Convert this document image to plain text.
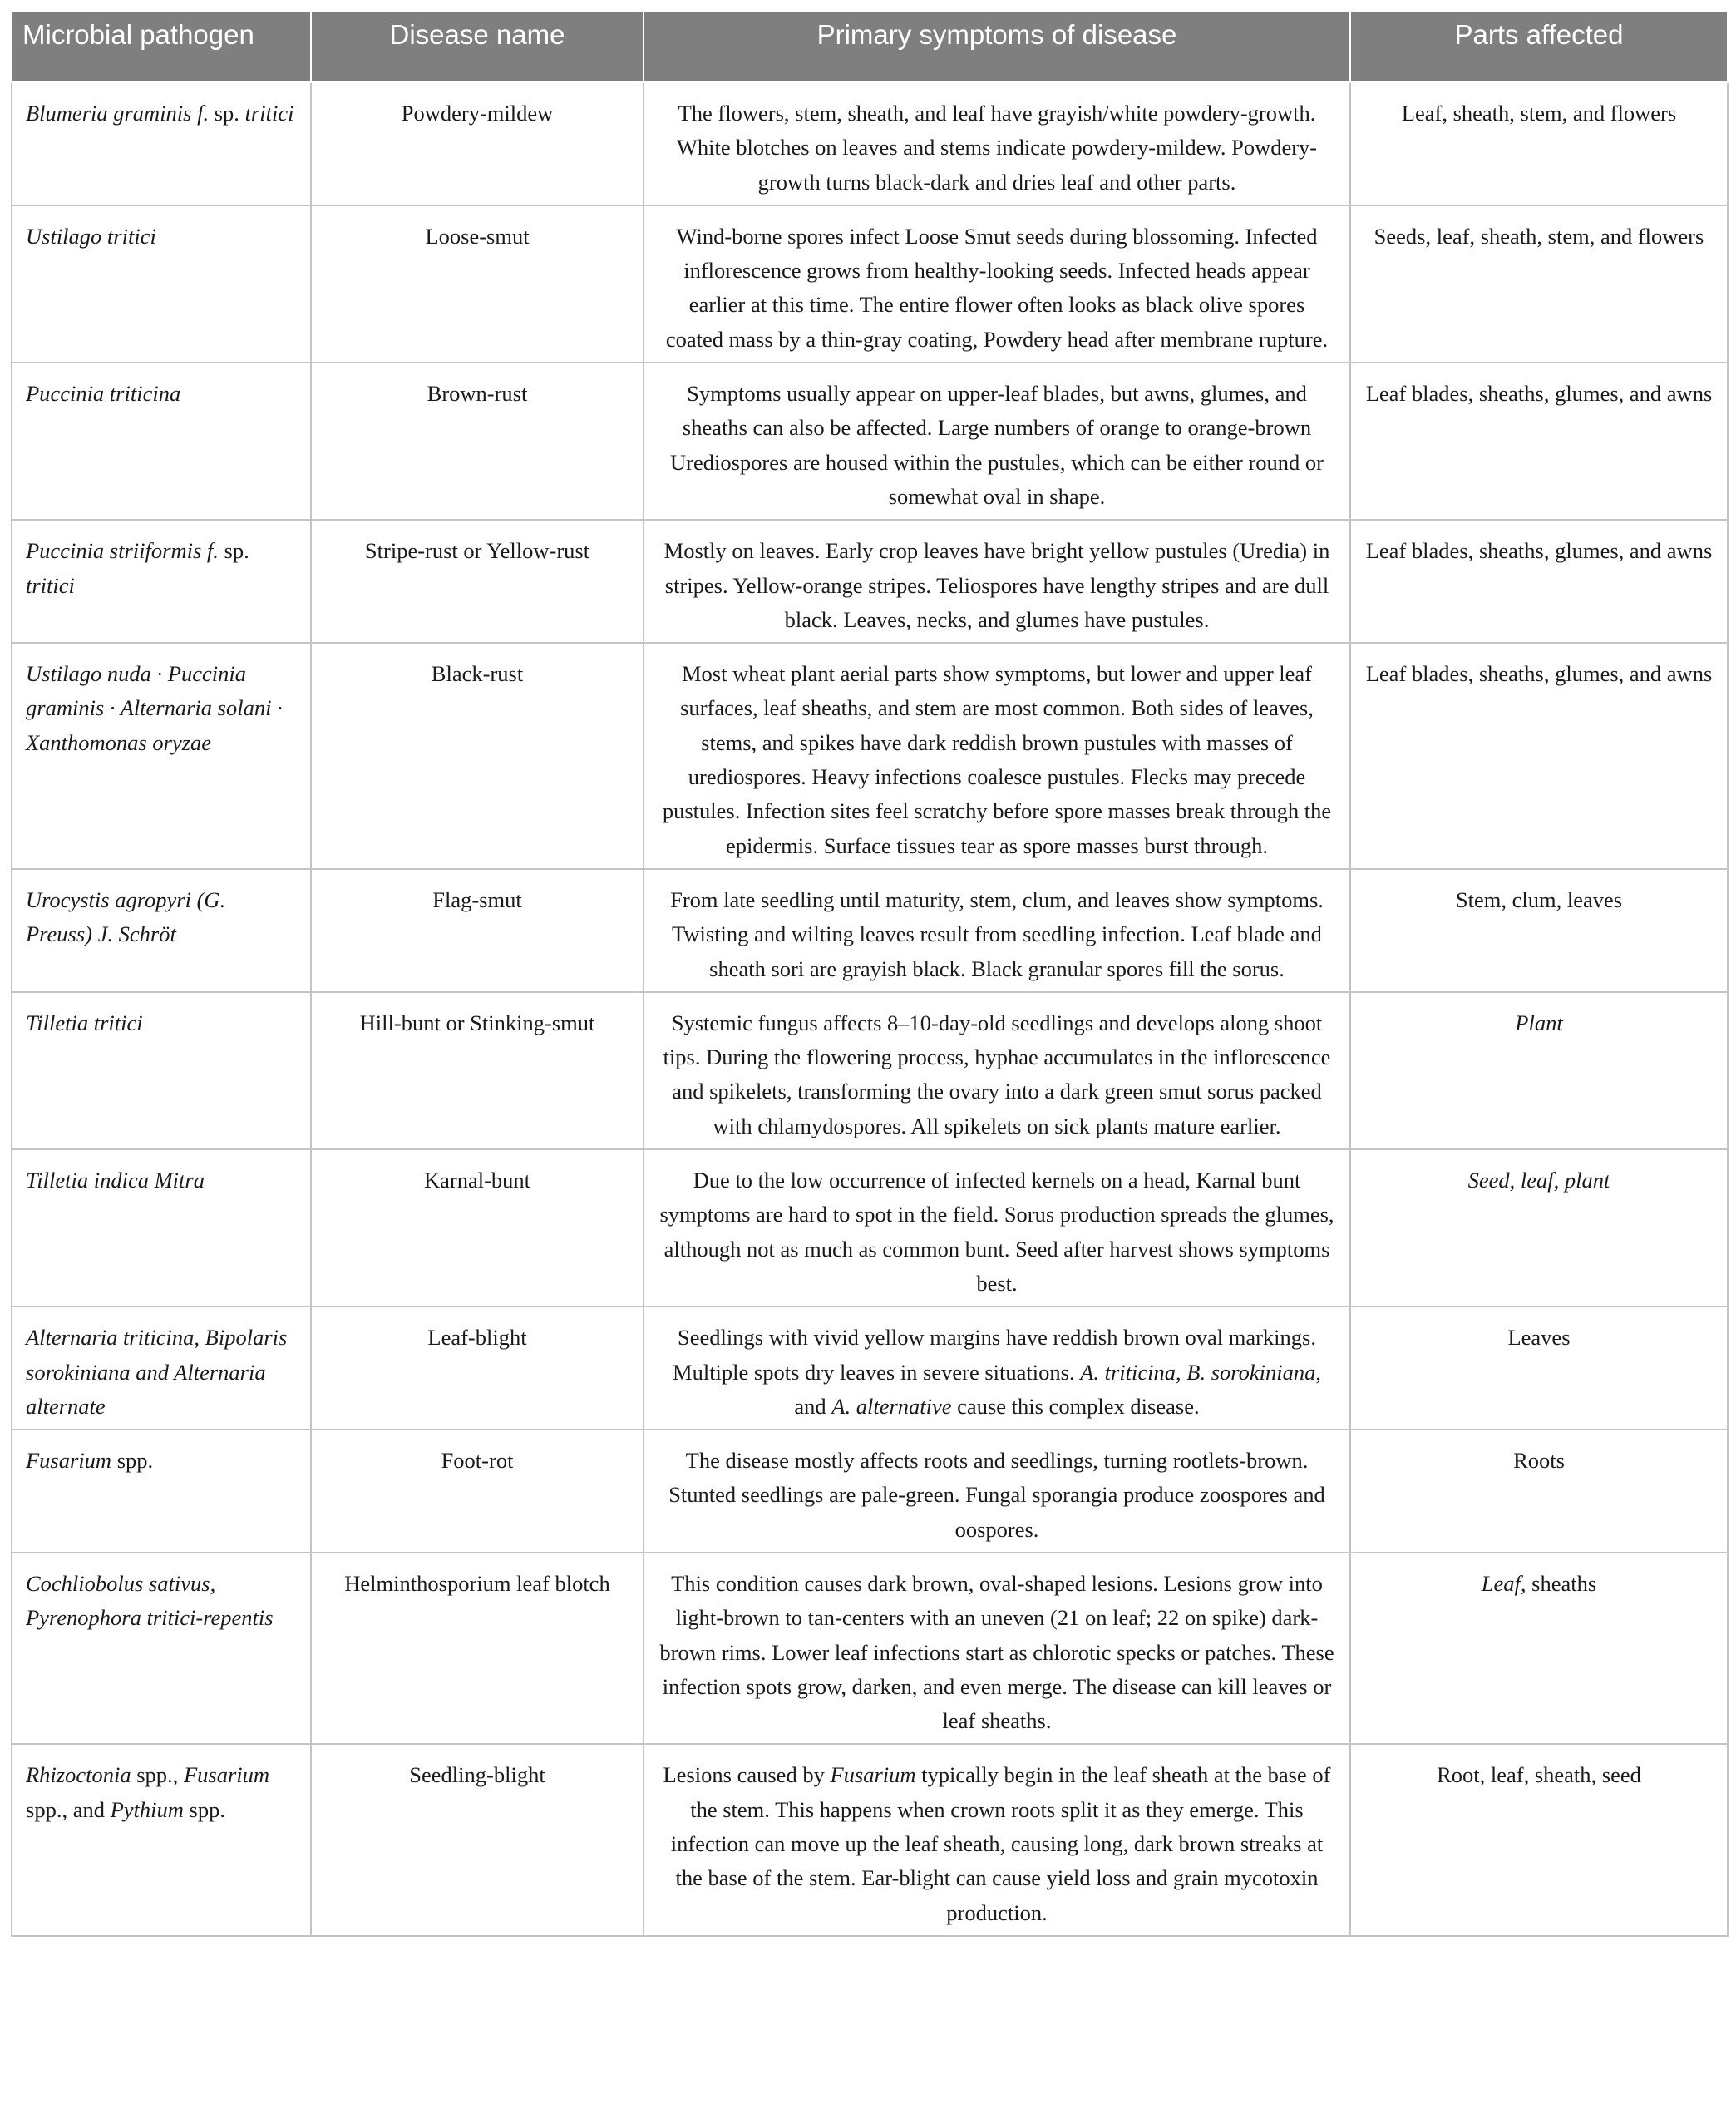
Microbial pathogen	Disease name	Primary symptoms of disease	Parts affected
Blumeria graminis f. sp. tritici	Powdery-mildew	The flowers, stem, sheath, and leaf have grayish/white powdery-growth. White blotches on leaves and stems indicate powdery-mildew. Powdery-growth turns black-dark and dries leaf and other parts.	Leaf, sheath, stem, and flowers
Ustilago tritici	Loose-smut	Wind-borne spores infect Loose Smut seeds during blossoming. Infected inflorescence grows from healthy-looking seeds. Infected heads appear earlier at this time. The entire flower often looks as black olive spores coated mass by a thin-gray coating, Powdery head after membrane rupture.	Seeds, leaf, sheath, stem, and flowers
Puccinia triticina	Brown-rust	Symptoms usually appear on upper-leaf blades, but awns, glumes, and sheaths can also be affected. Large numbers of orange to orange-brown Urediospores are housed within the pustules, which can be either round or somewhat oval in shape.	Leaf blades, sheaths, glumes, and awns
Puccinia striiformis f. sp. tritici	Stripe-rust or Yellow-rust	Mostly on leaves. Early crop leaves have bright yellow pustules (Uredia) in stripes. Yellow-orange stripes. Teliospores have lengthy stripes and are dull black. Leaves, necks, and glumes have pustules.	Leaf blades, sheaths, glumes, and awns
Ustilago nuda · Puccinia graminis · Alternaria solani · Xanthomonas oryzae	Black-rust	Most wheat plant aerial parts show symptoms, but lower and upper leaf surfaces, leaf sheaths, and stem are most common. Both sides of leaves, stems, and spikes have dark reddish brown pustules with masses of urediospores. Heavy infections coalesce pustules. Flecks may precede pustules. Infection sites feel scratchy before spore masses break through the epidermis. Surface tissues tear as spore masses burst through.	Leaf blades, sheaths, glumes, and awns
Urocystis agropyri (G. Preuss) J. Schröt	Flag-smut	From late seedling until maturity, stem, clum, and leaves show symptoms. Twisting and wilting leaves result from seedling infection. Leaf blade and sheath sori are grayish black. Black granular spores fill the sorus.	Stem, clum, leaves
Tilletia tritici	Hill-bunt or Stinking-smut	Systemic fungus affects 8–10-day-old seedlings and develops along shoot tips. During the flowering process, hyphae accumulates in the inflorescence and spikelets, transforming the ovary into a dark green smut sorus packed with chlamydospores. All spikelets on sick plants mature earlier.	Plant
Tilletia indica Mitra	Karnal-bunt	Due to the low occurrence of infected kernels on a head, Karnal bunt symptoms are hard to spot in the field. Sorus production spreads the glumes, although not as much as common bunt. Seed after harvest shows symptoms best.	Seed, leaf, plant
Alternaria triticina, Bipolaris sorokiniana and Alternaria alternate	Leaf-blight	Seedlings with vivid yellow margins have reddish brown oval markings. Multiple spots dry leaves in severe situations. A. triticina, B. sorokiniana, and A. alternative cause this complex disease.	Leaves
Fusarium spp.	Foot-rot	The disease mostly affects roots and seedlings, turning rootlets-brown. Stunted seedlings are pale-green. Fungal sporangia produce zoospores and oospores.	Roots
Cochliobolus sativus, Pyrenophora tritici-repentis	Helminthosporium leaf blotch	This condition causes dark brown, oval-shaped lesions. Lesions grow into light-brown to tan-centers with an uneven (21 on leaf; 22 on spike) dark-brown rims. Lower leaf infections start as chlorotic specks or patches. These infection spots grow, darken, and even merge. The disease can kill leaves or leaf sheaths.	Leaf, sheaths
Rhizoctonia spp., Fusarium spp., and Pythium spp.	Seedling-blight	Lesions caused by Fusarium typically begin in the leaf sheath at the base of the stem. This happens when crown roots split it as they emerge. This infection can move up the leaf sheath, causing long, dark brown streaks at the base of the stem. Ear-blight can cause yield loss and grain mycotoxin production.	Root, leaf, sheath, seed
